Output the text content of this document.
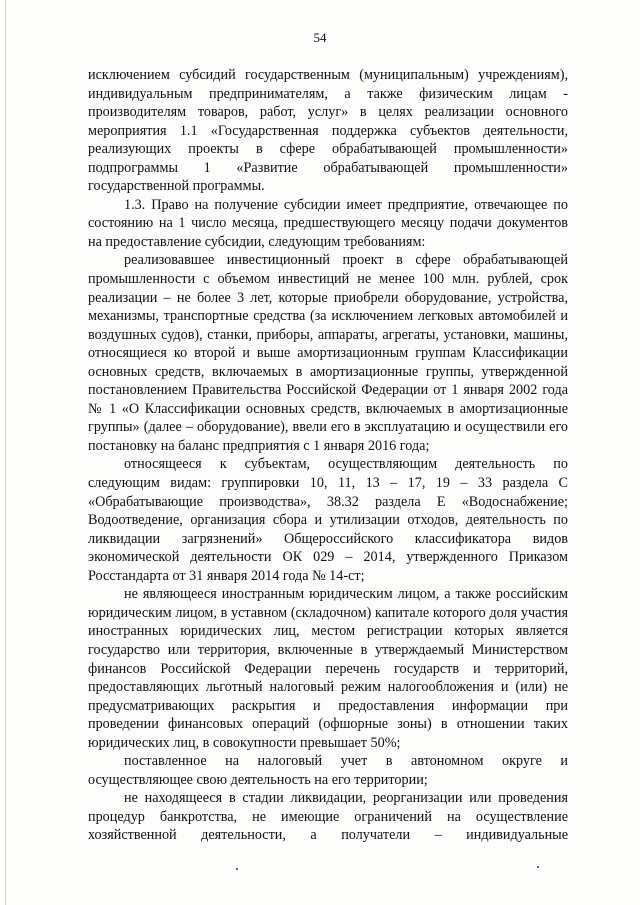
54

исключением субсидий государственным (муниципальным) учреждениям), индивидуальным предпринимателям, а также физическим лицам - производителям товаров, работ, услуг» в целях реализации основного мероприятия 1.1 «Государственная поддержка субъектов деятельности, реализующих проекты в сфере обрабатывающей промышленности» подпрограммы 1 «Развитие обрабатывающей промышленности» государственной программы.

1.3. Право на получение субсидии имеет предприятие, отвечающее по состоянию на 1 число месяца, предшествующего месяцу подачи документов на предоставление субсидии, следующим требованиям:

реализовавшее инвестиционный проект в сфере обрабатывающей промышленности с объемом инвестиций не менее 100 млн. рублей, срок реализации – не более 3 лет, которые приобрели оборудование, устройства, механизмы, транспортные средства (за исключением легковых автомобилей и воздушных судов), станки, приборы, аппараты, агрегаты, установки, машины, относящиеся ко второй и выше амортизационным группам Классификации основных средств, включаемых в амортизационные группы, утвержденной постановлением Правительства Российской Федерации от 1 января 2002 года № 1 «О Классификации основных средств, включаемых в амортизационные группы» (далее – оборудование), ввели его в эксплуатацию и осуществили его постановку на баланс предприятия с 1 января 2016 года;

относящееся к субъектам, осуществляющим деятельность по следующим видам: группировки 10, 11, 13 – 17, 19 – 33 раздела С «Обрабатывающие производства», 38.32 раздела Е «Водоснабжение; Водоотведение, организация сбора и утилизации отходов, деятельность по ликвидации загрязнений» Общероссийского классификатора видов экономической деятельности ОК 029 – 2014, утвержденного Приказом Росстандарта от 31 января 2014 года № 14-ст;

не являющееся иностранным юридическим лицом, а также российским юридическим лицом, в уставном (складочном) капитале которого доля участия иностранных юридических лиц, местом регистрации которых является государство или территория, включенные в утверждаемый Министерством финансов Российской Федерации перечень государств и территорий, предоставляющих льготный налоговый режим налогообложения и (или) не предусматривающих раскрытия и предоставления информации при проведении финансовых операций (офшорные зоны) в отношении таких юридических лиц, в совокупности превышает 50%;

поставленное на налоговый учет в автономном округе и осуществляющее свою деятельность на его территории;

не находящееся в стадии ликвидации, реорганизации или проведения процедур банкротства, не имеющие ограничений на осуществление хозяйственной деятельности, а получатели – индивидуальные
